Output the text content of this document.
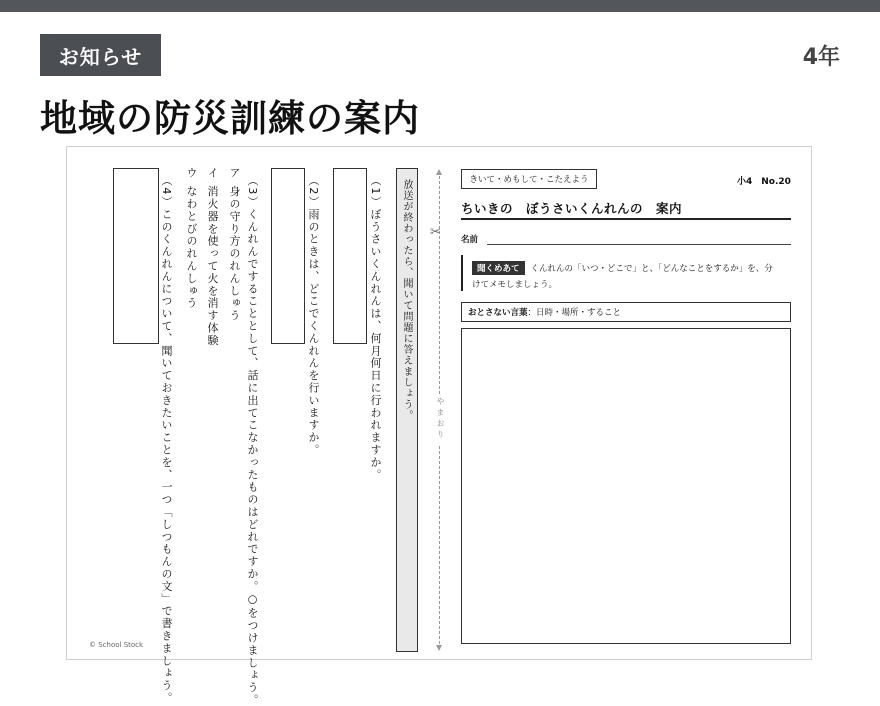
お知らせ	4年
地域の防災訓練の案内
放送が終わったら、聞いて問題に答えましょう。
（1）ぼうさいくんれんは、何月何日に行われますか。
（2）雨のときは、どこでくんれんを行いますか。
（3）くんれんですることとして、話に出てこなかったものはどれですか。○をつけましょう。
ア身の守り方のれんしゅう
イ消火器を使って火を消す体験
ウなわとびのれんしゅう
（4）このくんれんについて、聞いておきたいことを、一つ「しつもんの文」で書きましょう。	✂
やまおり
© School Stock
きいて・めもして・こたえよう	小4　No.20
ちいきの　ぼうさいくんれんの　案内
名前
聞くめあて くんれんの「いつ・どこで」と、「どんなことをするか」を、分
けてメモしましょう。
おとさない言葉 ：日時・場所・すること
